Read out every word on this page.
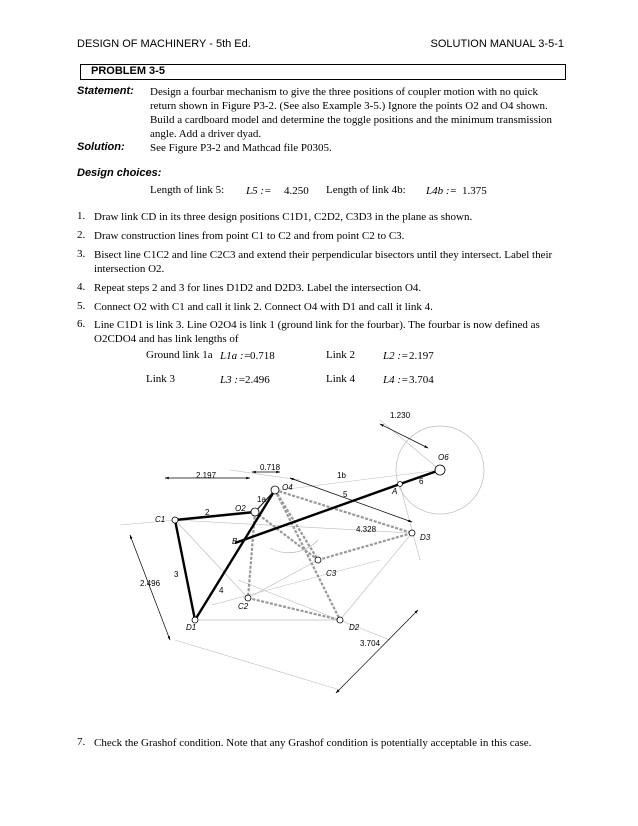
DESIGN OF MACHINERY - 5th Ed.	SOLUTION MANUAL 3-5-1
PROBLEM 3-5
Statement: Design a fourbar mechanism to give the three positions of coupler motion with no quick return shown in Figure P3-2. (See also Example 3-5.) Ignore the points O2 and O4 shown. Build a cardboard model and determine the toggle positions and the minimum transmission angle. Add a driver dyad.
Solution: See Figure P3-2 and Mathcad file P0305.
Design choices:
Length of link 5: L5 := 4.250 Length of link 4b: L4b := 1.375
1. Draw link CD in its three design positions C1D1, C2D2, C3D3 in the plane as shown.
2. Draw construction lines from point C1 to C2 and from point C2 to C3.
3. Bisect line C1C2 and line C2C3 and extend their perpendicular bisectors until they intersect. Label their intersection O2.
4. Repeat steps 2 and 3 for lines D1D2 and D2D3. Label the intersection O4.
5. Connect O2 with C1 and call it link 2. Connect O4 with D1 and call it link 4.
6. Line C1D1 is link 3. Line O2O4 is link 1 (ground link for the fourbar). The fourbar is now defined as O2CDO4 and has link lengths of
Ground link 1a L1a := 0.718	Link 2	L2 := 2.197
Link 3	L3 := 2.496	Link 4	L4 := 3.704
1.230
0.718
2.197
4.328
2.496
3.704
C1
D1
C2
D2
C3
D3
O2
O4
O6
A
B
1a
1b
2
3
4
5
6
7. Check the Grashof condition. Note that any Grashof condition is potentially acceptable in this case.
